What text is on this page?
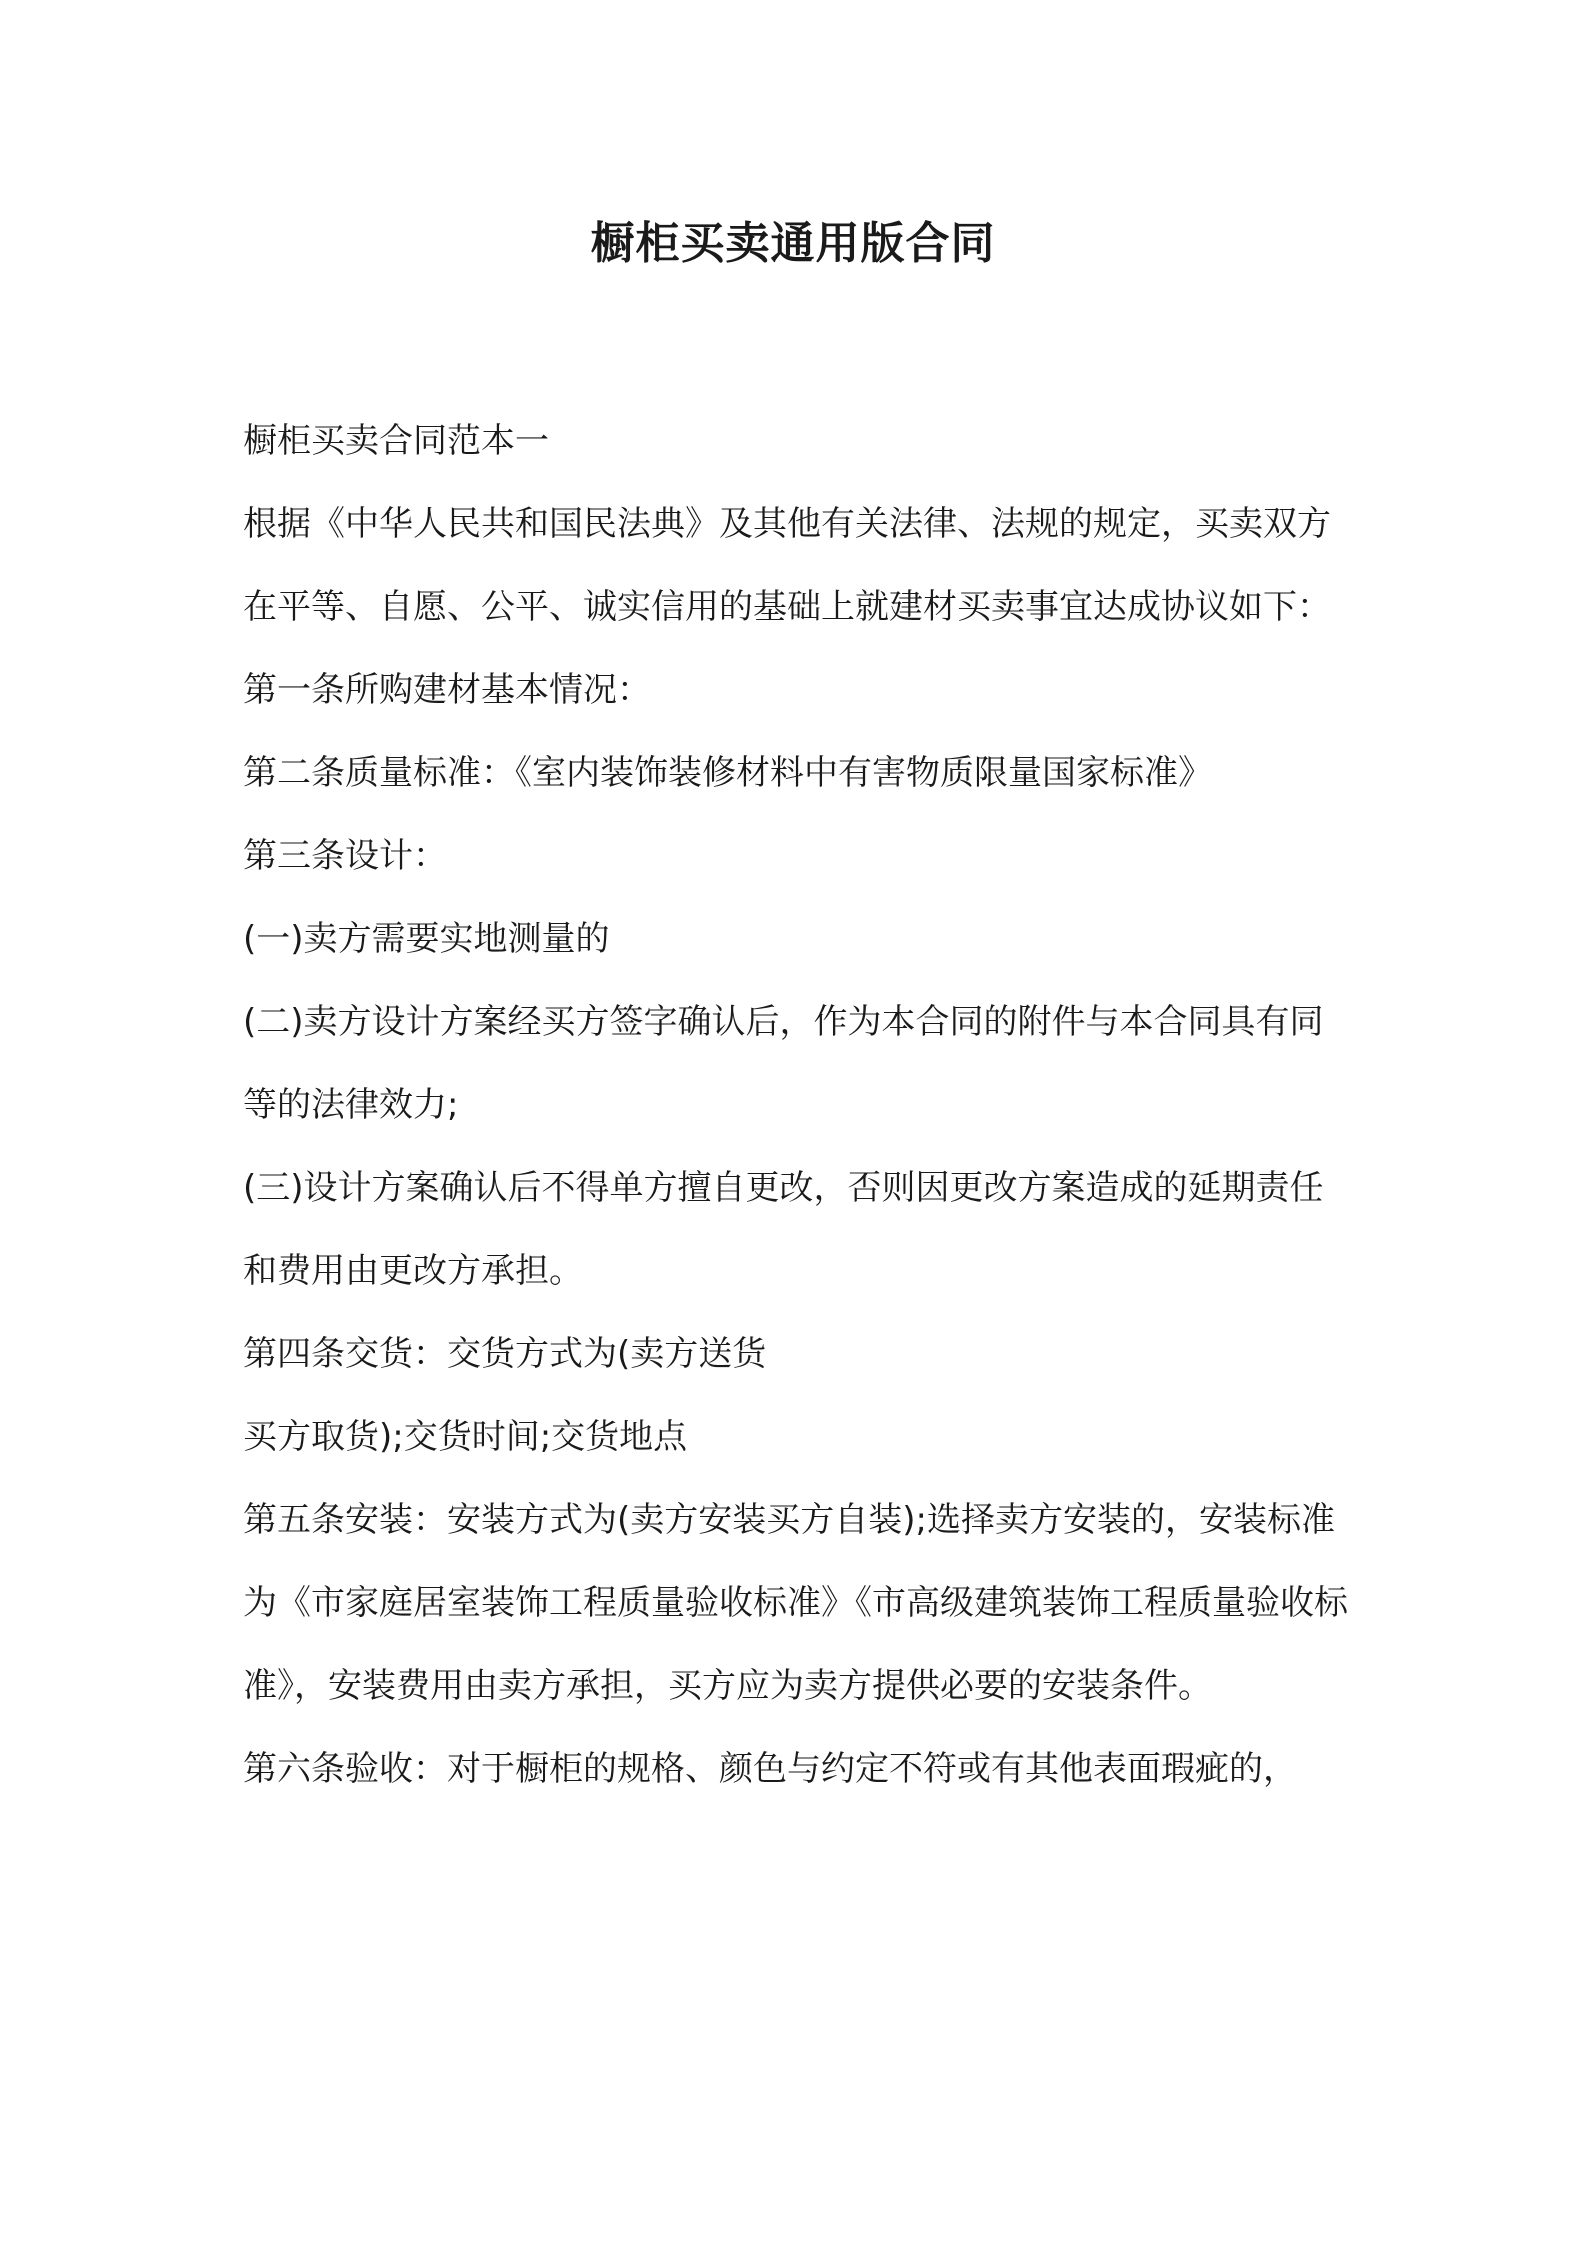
橱柜买卖通用版合同

橱柜买卖合同范本一

根据《中华人民共和国民法典》及其他有关法律、法规的规定，买卖双方在平等、自愿、公平、诚实信用的基础上就建材买卖事宜达成协议如下：

第一条所购建材基本情况：

第二条质量标准：《室内装饰装修材料中有害物质限量国家标准》

第三条设计：

(一)卖方需要实地测量的

(二)卖方设计方案经买方签字确认后，作为本合同的附件与本合同具有同等的法律效力;

(三)设计方案确认后不得单方擅自更改，否则因更改方案造成的延期责任和费用由更改方承担。

第四条交货：交货方式为(卖方送货

买方取货);交货时间;交货地点

第五条安装：安装方式为(卖方安装买方自装);选择卖方安装的，安装标准为《市家庭居室装饰工程质量验收标准》《市高级建筑装饰工程质量验收标准》，安装费用由卖方承担，买方应为卖方提供必要的安装条件。

第六条验收：对于橱柜的规格、颜色与约定不符或有其他表面瑕疵的，
